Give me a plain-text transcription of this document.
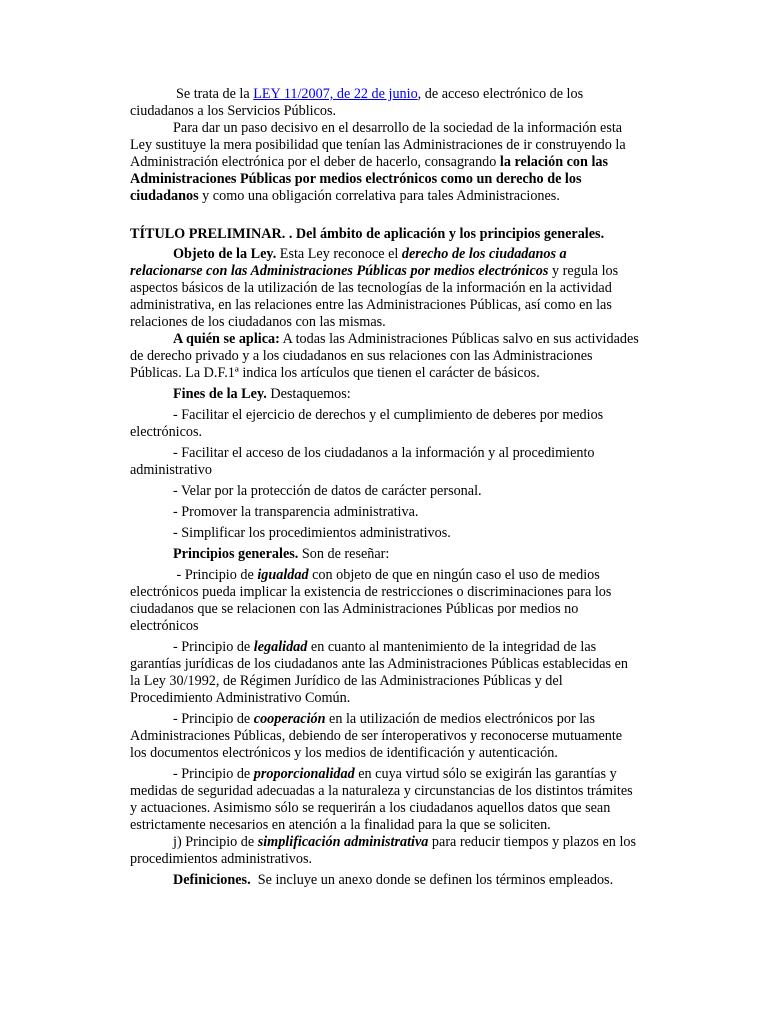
Se trata de la LEY 11/2007, de 22 de junio, de acceso electrónico de los ciudadanos a los Servicios Públicos.

Para dar un paso decisivo en el desarrollo de la sociedad de la información esta Ley sustituye la mera posibilidad que tenían las Administraciones de ir construyendo la Administración electrónica por el deber de hacerlo, consagrando la relación con las Administraciones Públicas por medios electrónicos como un derecho de los ciudadanos y como una obligación correlativa para tales Administraciones.

TÍTULO PRELIMINAR. . Del ámbito de aplicación y los principios generales.

Objeto de la Ley. Esta Ley reconoce el derecho de los ciudadanos a relacionarse con las Administraciones Públicas por medios electrónicos y regula los aspectos básicos de la utilización de las tecnologías de la información en la actividad administrativa, en las relaciones entre las Administraciones Públicas, así como en las relaciones de los ciudadanos con las mismas.

A quién se aplica: A todas las Administraciones Públicas salvo en sus actividades de derecho privado y a los ciudadanos en sus relaciones con las Administraciones Públicas. La D.F.1ª indica los artículos que tienen el carácter de básicos.

Fines de la Ley. Destaquemos:

- Facilitar el ejercicio de derechos y el cumplimiento de deberes por medios electrónicos.

- Facilitar el acceso de los ciudadanos a la información y al procedimiento administrativo

- Velar por la protección de datos de carácter personal.

- Promover la transparencia administrativa.

- Simplificar los procedimientos administrativos.

Principios generales. Son de reseñar:

- Principio de igualdad con objeto de que en ningún caso el uso de medios electrónicos pueda implicar la existencia de restricciones o discriminaciones para los ciudadanos que se relacionen con las Administraciones Públicas por medios no electrónicos

- Principio de legalidad en cuanto al mantenimiento de la integridad de las garantías jurídicas de los ciudadanos ante las Administraciones Públicas establecidas en la Ley 30/1992, de Régimen Jurídico de las Administraciones Públicas y del Procedimiento Administrativo Común.

- Principio de cooperación en la utilización de medios electrónicos por las Administraciones Públicas, debiendo de ser ínteroperativos y reconocerse mutuamente los documentos electrónicos y los medios de identificación y autenticación.

- Principio de proporcionalidad en cuya virtud sólo se exigirán las garantías y medidas de seguridad adecuadas a la naturaleza y circunstancias de los distintos trámites y actuaciones. Asimismo sólo se requerirán a los ciudadanos aquellos datos que sean estrictamente necesarios en atención a la finalidad para la que se soliciten.

j) Principio de simplificación administrativa para reducir tiempos y plazos en los procedimientos administrativos.

Definiciones.  Se incluye un anexo donde se definen los términos empleados.
